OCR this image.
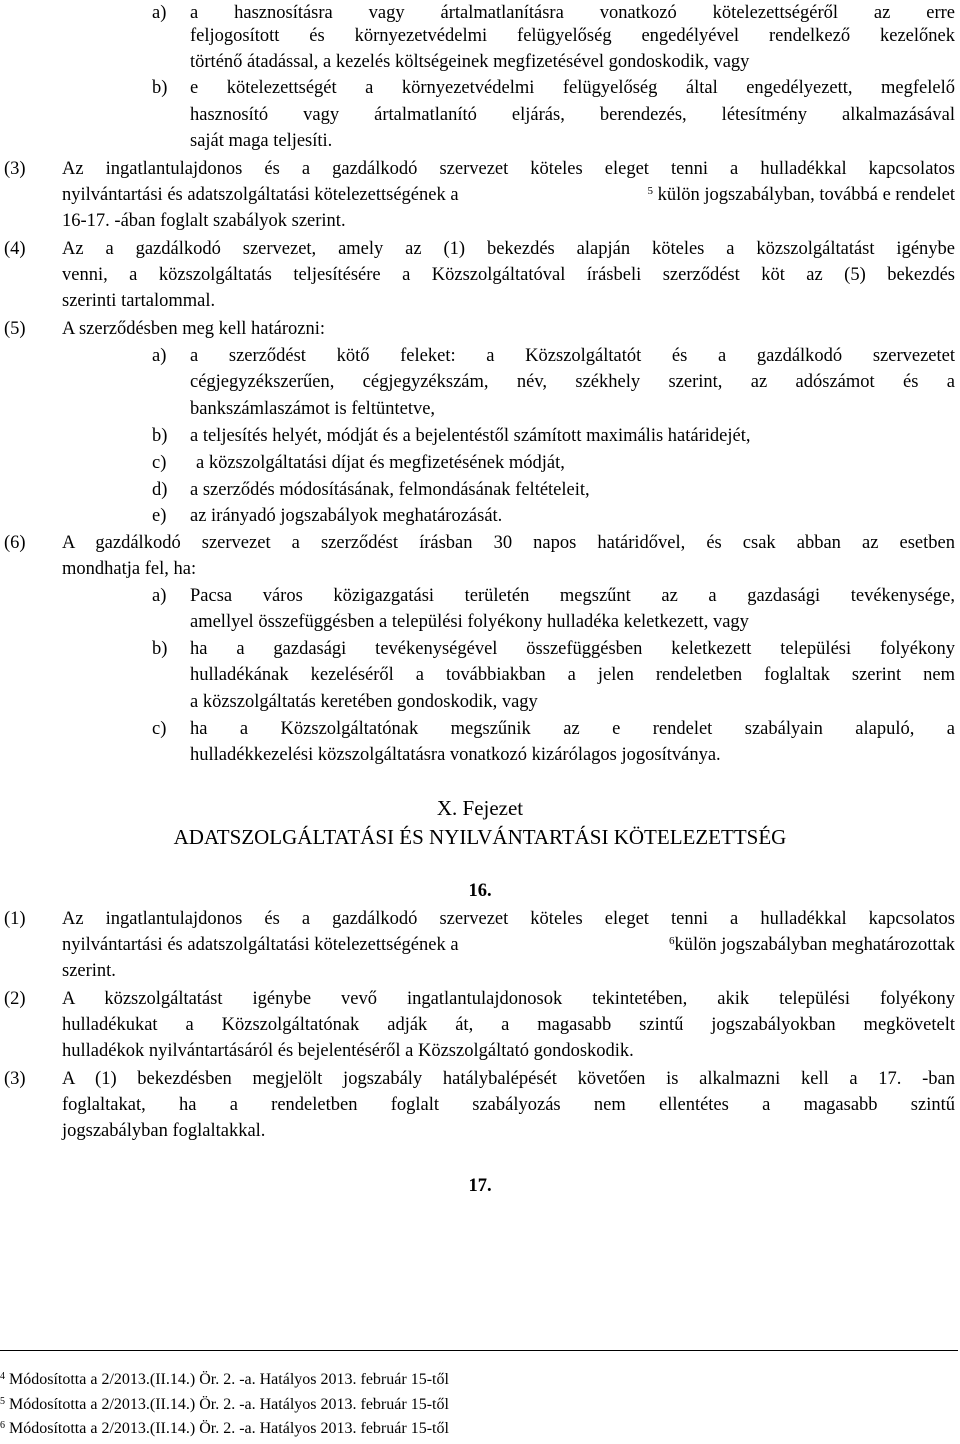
a) a hasznosításra vagy ártalmatlanításra vonatkozó kötelezettségéről az erre

feljogosított és környezetvédelmi felügyelőség engedélyével rendelkező kezelőnek

történő átadással, a kezelés költségeinek megfizetésével gondoskodik, vagy

b) e kötelezettségét a környezetvédelmi felügyelőség által engedélyezett, megfelelő

hasznosító vagy ártalmatlanító eljárás, berendezés, létesítmény alkalmazásával

saját maga teljesíti.

(3) Az ingatlantulajdonos és a gazdálkodó szervezet köteles eleget tenni a hulladékkal kapcsolatos

nyilvántartási és adatszolgáltatási kötelezettségének a	$^5$ külön jogszabályban, továbbá e rendelet

16-17. -ában foglalt szabályok szerint.

(4) Az a gazdálkodó szervezet, amely az (1) bekezdés alapján köteles a közszolgáltatást igénybe

venni, a közszolgáltatás teljesítésére a Közszolgáltatóval írásbeli szerződést köt az (5) bekezdés

szerinti tartalommal.

(5) A szerződésben meg kell határozni:

a) a szerződést kötő feleket: a Közszolgáltatót és a gazdálkodó szervezetet

cégjegyzékszerűen, cégjegyzékszám, név, székhely szerint, az adószámot és a

bankszámlaszámot is feltüntetve,

b) a teljesítés helyét, módját és a bejelentéstől számított maximális határidejét,

c) a közszolgáltatási díjat és megfizetésének módját,

d) a szerződés módosításának, felmondásának feltételeit,

e) az irányadó jogszabályok meghatározását.

(6) A gazdálkodó szervezet a szerződést írásban 30 napos határidővel, és csak abban az esetben

mondhatja fel, ha:

a) Pacsa város közigazgatási területén megszűnt az a gazdasági tevékenysége,

amellyel összefüggésben a települési folyékony hulladéka keletkezett, vagy

b) ha a gazdasági tevékenységével összefüggésben keletkezett települési folyékony

hulladékának kezeléséről a továbbiakban a jelen rendeletben foglaltak szerint nem

a közszolgáltatás keretében gondoskodik, vagy

c) ha a Közszolgáltatónak megszűnik az e rendelet szabályain alapuló, a

hulladékkezelési közszolgáltatásra vonatkozó kizárólagos jogosítványa.

X. Fejezet

ADATSZOLGÁLTATÁSI ÉS NYILVÁNTARTÁSI KÖTELEZETTSÉG

16.

(1) Az ingatlantulajdonos és a gazdálkodó szervezet köteles eleget tenni a hulladékkal kapcsolatos

nyilvántartási és adatszolgáltatási kötelezettségének a	$^6$külön jogszabályban meghatározottak

szerint.

(2) A közszolgáltatást igénybe vevő ingatlantulajdonosok tekintetében, akik települési folyékony

hulladékukat a Közszolgáltatónak adják át, a magasabb szintű jogszabályokban megkövetelt

hulladékok nyilvántartásáról és bejelentéséről a Közszolgáltató gondoskodik.

(3) A (1) bekezdésben megjelölt jogszabály hatálybalépését követően is alkalmazni kell a 17. -ban

foglaltakat, ha a rendeletben foglalt szabályozás nem ellentétes a magasabb szintű

jogszabályban foglaltakkal.

17.

$^4$ Módosította a 2/2013.(II.14.) Ör. 2. -a. Hatályos 2013. február 15-től

$^5$ Módosította a 2/2013.(II.14.) Ör. 2. -a. Hatályos 2013. február 15-től

$^6$ Módosította a 2/2013.(II.14.) Ör. 2. -a. Hatályos 2013. február 15-től
